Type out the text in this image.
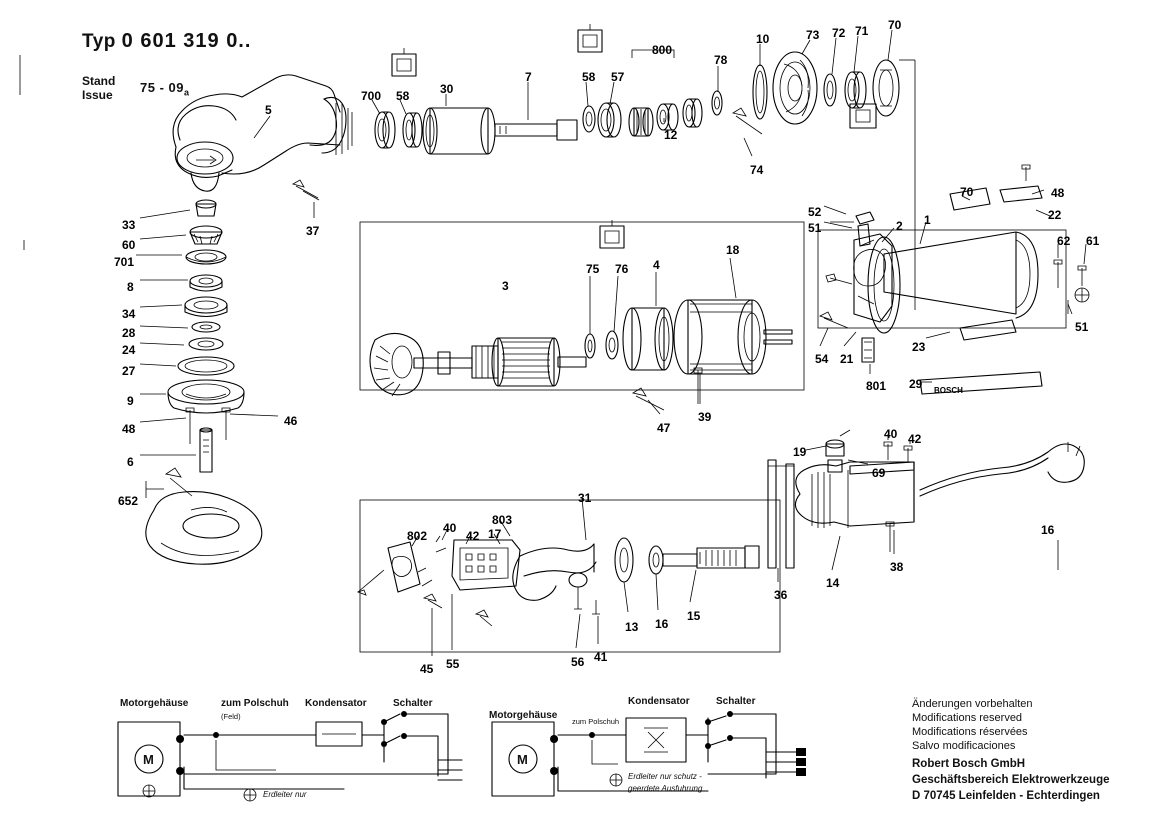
Typ 0 601 319 0..
Stand
Issue $75 - 09_a$
BOSCH
5
700 58	30
7	58 57
800
78
10	73 72 71 70
12
74
33
60
701
8
34
28
24
27
9
48
6
46
652
37
3
75 76 4
18
47
39
52
51	2 1
70	48
22
62 61
51
23
29
54 21
801
19
40 42
69
14
38
36
16
31
803
17
802
40
42
45 55	56 41
13 16
15
Motorgehäuse	zum Polschuh
(Feld)
Kondensator	Schalter
M
Erdleiter nur
Motorgehäuse
zum Polschuh
Kondensator	Schalter
M
Erdleiter nur schutz -
geerdete Ausfuhrung
Änderungen vorbehalten
Modifications reserved
Modifications réservées
Salvo modificaciones
Robert Bosch GmbH
Geschäftsbereich Elektrowerkzeuge
D 70745 Leinfelden - Echterdingen
